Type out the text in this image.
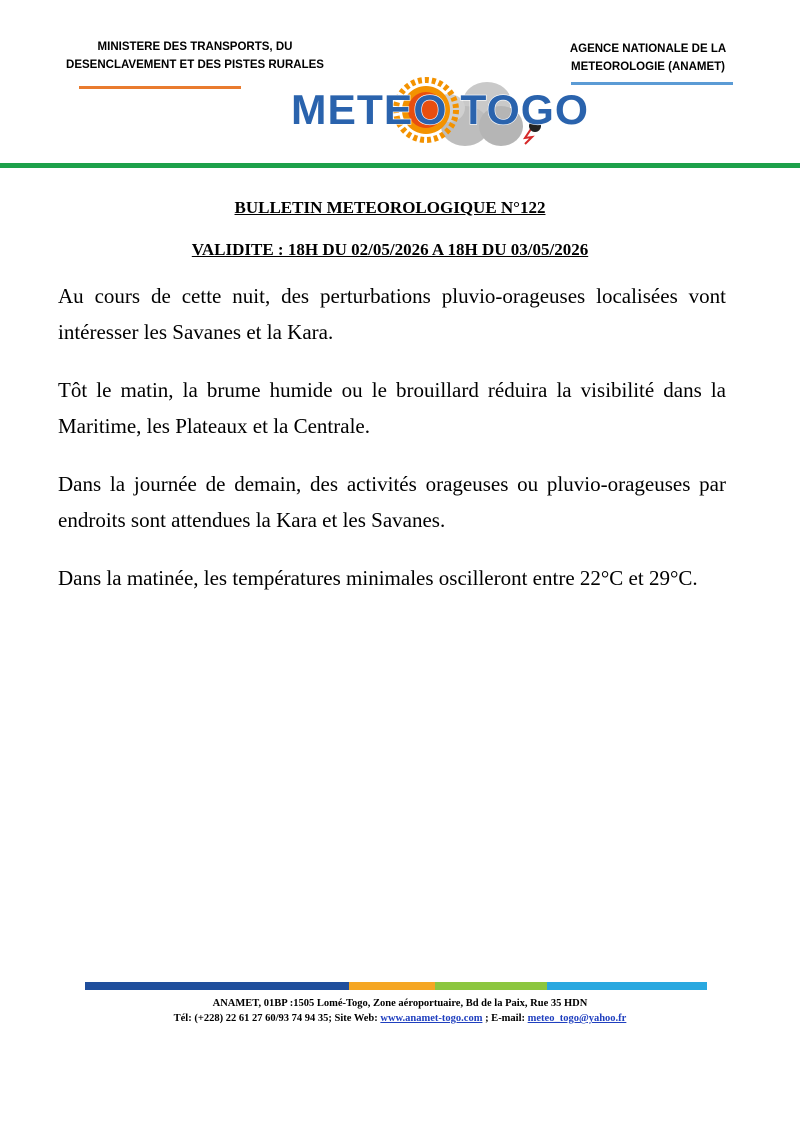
MINISTERE DES TRANSPORTS, DU
DESENCLAVEMENT ET DES PISTES RURALES
AGENCE NATIONALE DE LA
METEOROLOGIE (ANAMET)
METEO TOGO
BULLETIN METEOROLOGIQUE N°122
VALIDITE : 18H DU 02/05/2026 A 18H DU 03/05/2026

Au cours de cette nuit, des perturbations pluvio-orageuses localisées vont intéresser les Savanes et la Kara.

Tôt le matin, la brume humide ou le brouillard réduira la visibilité dans la Maritime, les Plateaux et la Centrale.

Dans la journée de demain, des activités orageuses ou pluvio-orageuses par endroits sont attendues la Kara et les Savanes.

Dans la matinée, les températures minimales oscilleront entre 22°C et 29°C.

ANAMET, 01BP :1505 Lomé-Togo, Zone aéroportuaire, Bd de la Paix, Rue 35 HDN
Tél: (+228) 22 61 27 60/93 74 94 35; Site Web: www.anamet-togo.com ; E-mail: meteo_togo@yahoo.fr
